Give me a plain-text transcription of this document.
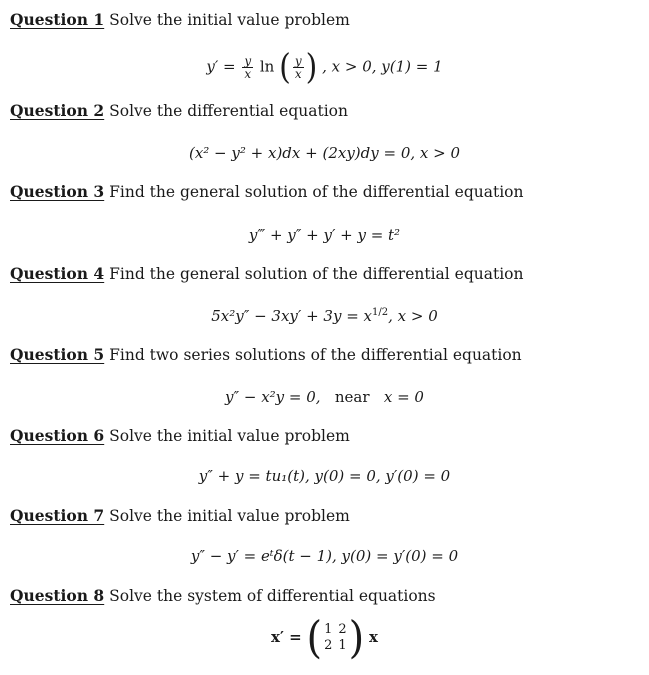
Question 1 Solve the initial value problem
$y' = \frac{y}{x}$ ln ( $\frac{y}{x}$ ) , x > 0, y(1) = 1
Question 2 Solve the differential equation
(x² − y² + x)dx + (2xy)dy = 0, x > 0
Question 3 Find the general solution of the differential equation
y‴ + y″ + y′ + y = t²
Question 4 Find the general solution of the differential equation
$5x^2y'' - 3xy' + 3y = x^{1/2}$, x > 0
Question 5 Find two series solutions of the differential equation
y″ − x²y = 0, near x = 0
Question 6 Solve the initial value problem
y″ + y = tu₁(t), y(0) = 0, y′(0) = 0
Question 7 Solve the initial value problem
y″ − y′ = eᵗδ(t − 1), y(0) = y′(0) = 0
Question 8 Solve the system of differential equations
x′ = ( 1 2
2 1 ) x
